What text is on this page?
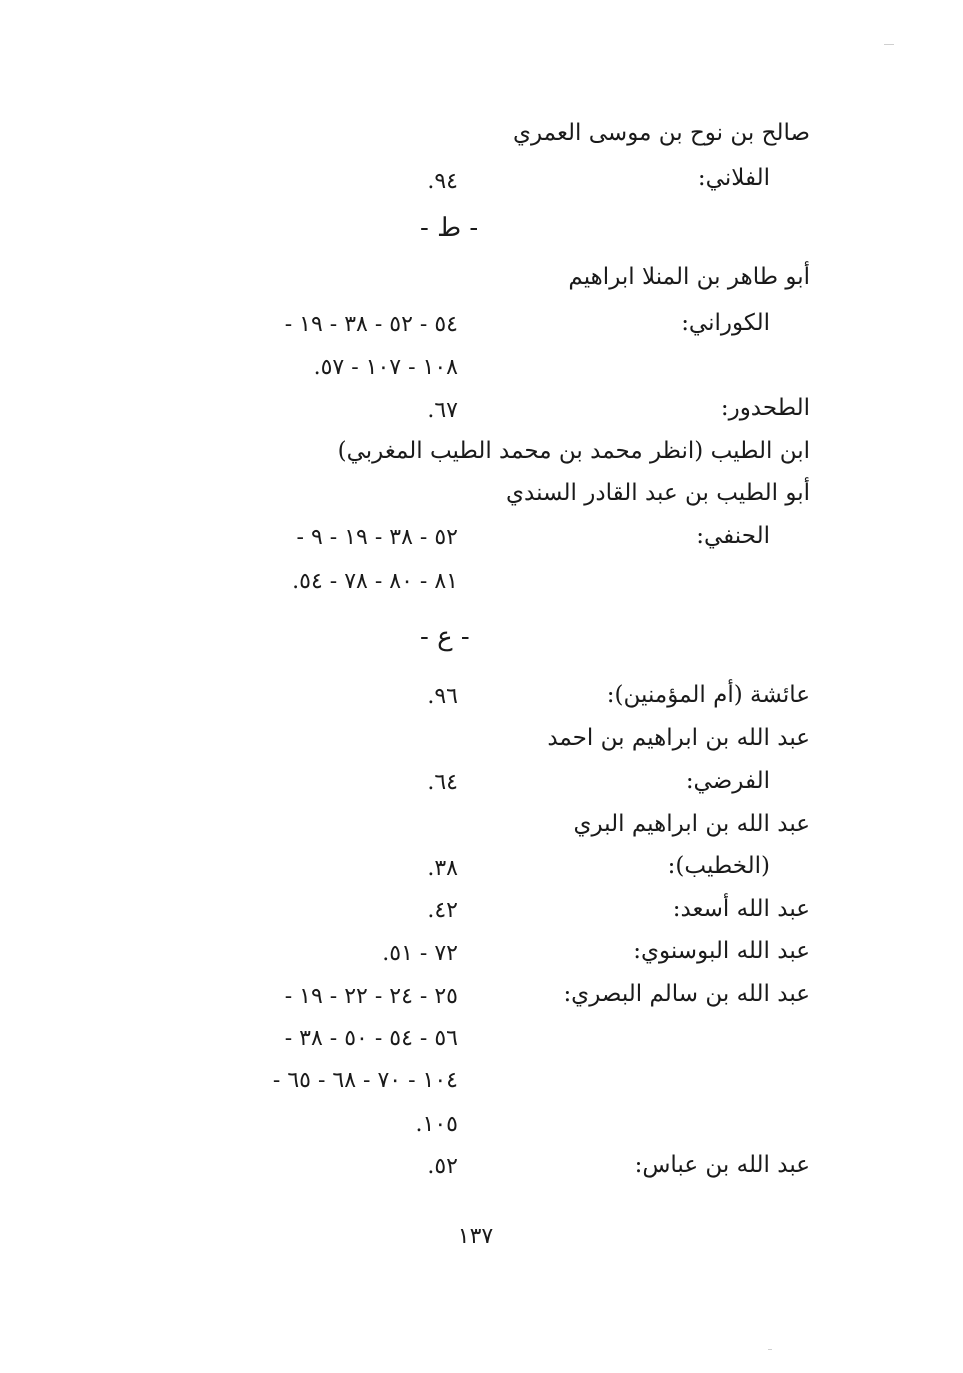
صالح بن نوح بن موسى العمري
الفلاني:
.٩٤
- ط -
أبو طاهر بن المنلا ابراهيم
الكوراني:
- ٥٤ - ٥٢ - ٣٨ - ١٩
.١٠٨ - ١٠٧ - ٥٧
الطحدور:
.٦٧
ابن الطيب (انظر محمد بن محمد الطيب المغربي)
أبو الطيب بن عبد القادر السندي
الحنفي:
- ٥٢ - ٣٨ - ١٩ - ٩
.٨١ - ٨٠ - ٧٨ - ٥٤
- ع -
عائشة (أم المؤمنين):
.٩٦
عبد الله بن ابراهيم بن احمد
الفرضي:
.٦٤
عبد الله بن ابراهيم البري
(الخطيب):
.٣٨
عبد الله أسعد:
.٤٢
عبد الله البوسنوي:
.٧٢ - ٥١
عبد الله بن سالم البصري:
- ٢٥ - ٢٤ - ٢٢ - ١٩
- ٥٦ - ٥٤ - ٥٠ - ٣٨
- ١٠٤ - ٧٠ - ٦٨ - ٦٥
.١٠٥
عبد الله بن عباس:
.٥٢
١٣٧
